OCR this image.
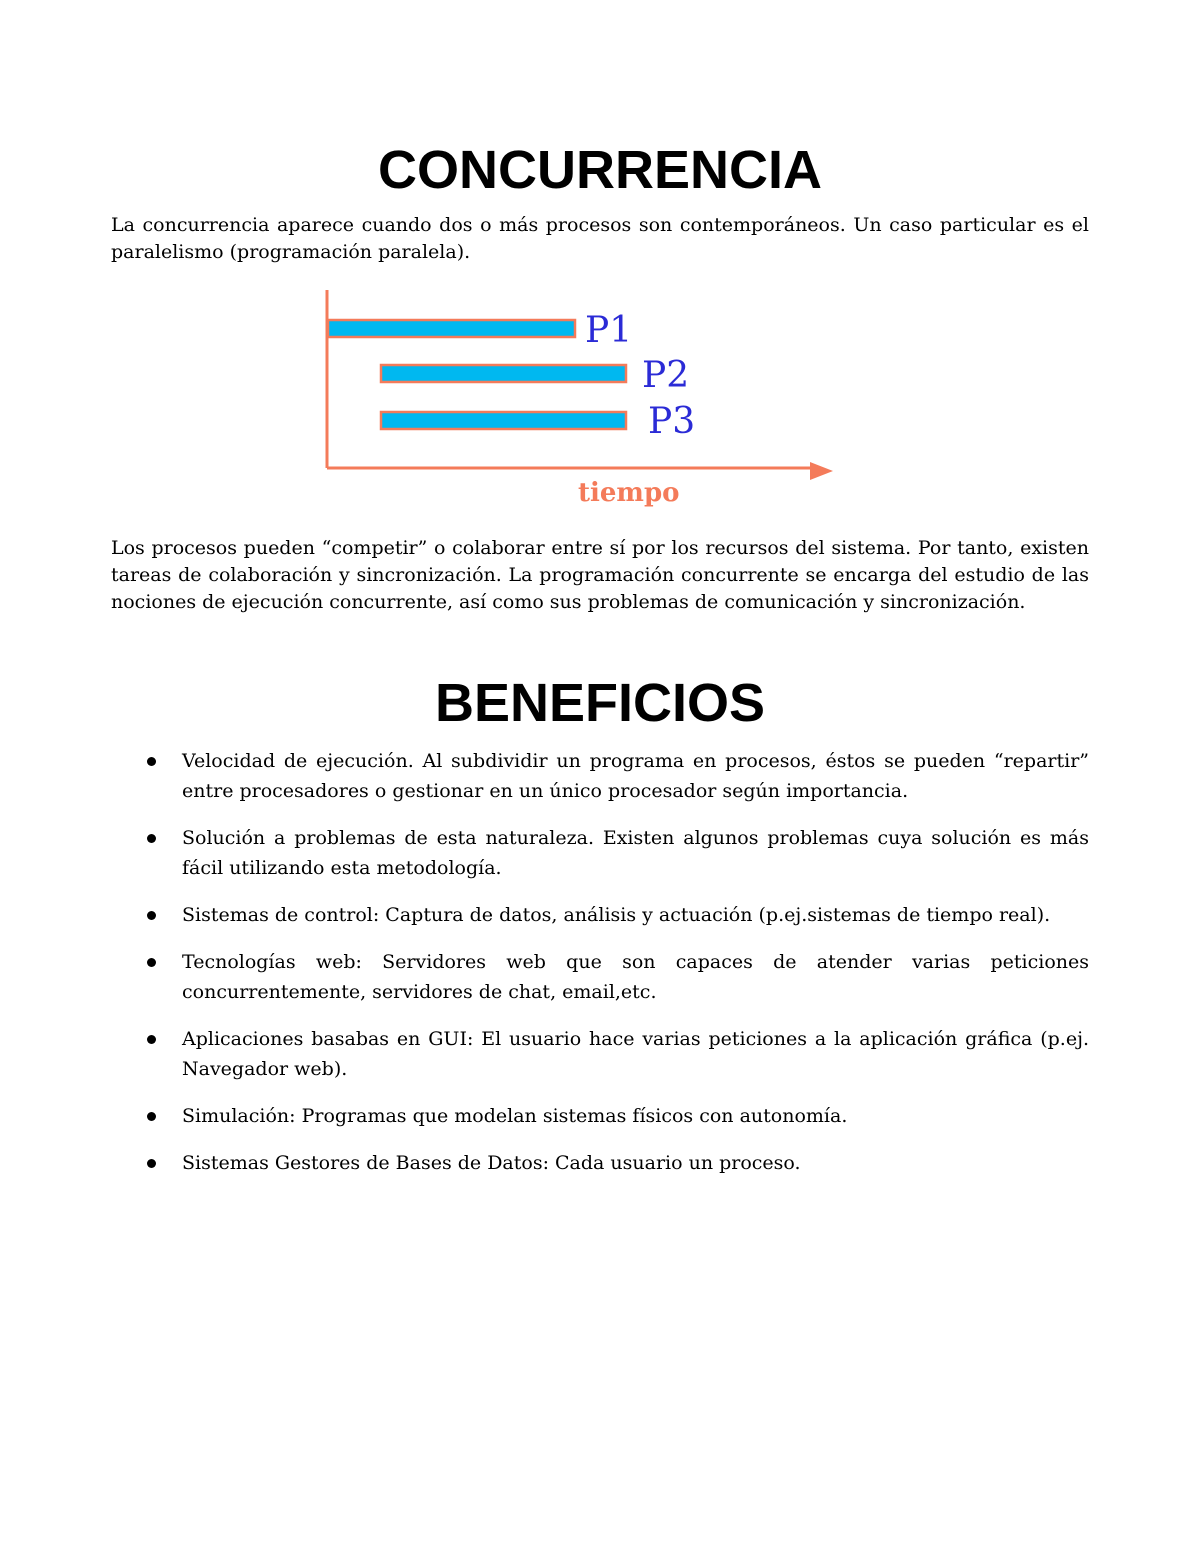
CONCURRENCIA

La concurrencia aparece cuando dos o más procesos son contemporáneos. Un caso particular es el paralelismo (programación paralela).

P1
P2
P3
tiempo

Los procesos pueden “competir” o colaborar entre sí por los recursos del sistema. Por tanto, existen tareas de colaboración y sincronización. La programación concurrente se encarga del estudio de las nociones de ejecución concurrente, así como sus problemas de comunicación y sincronización.

BENEFICIOS
Velocidad de ejecución. Al subdividir un programa en procesos, éstos se pueden “repartir” entre procesadores o gestionar en un único procesador según importancia.
Solución a problemas de esta naturaleza. Existen algunos problemas cuya solución es más fácil utilizando esta metodología.
Sistemas de control: Captura de datos, análisis y actuación (p.ej.sistemas de tiempo real).
Tecnologías web: Servidores web que son capaces de atender varias peticiones concurrentemente, servidores de chat, email,etc.
Aplicaciones basabas en GUI: El usuario hace varias peticiones a la aplicación gráfica (p.ej. Navegador web).
Simulación: Programas que modelan sistemas físicos con autonomía.
Sistemas Gestores de Bases de Datos: Cada usuario un proceso.
